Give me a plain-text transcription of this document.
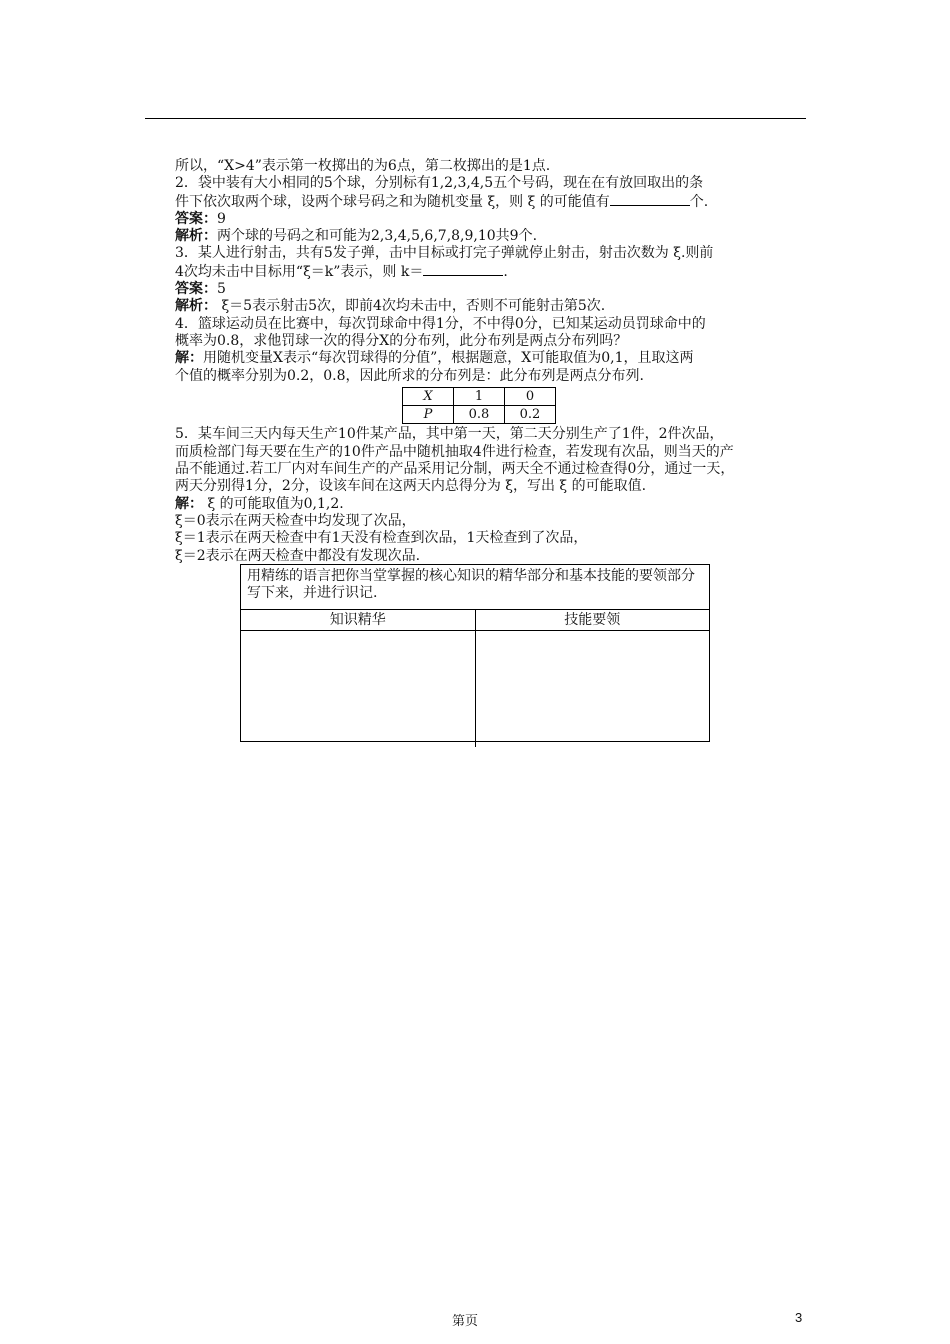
所以，“X>4”表示第一枚掷出的为6点，第二枚掷出的是1点.

2．袋中装有大小相同的5个球，分别标有1,2,3,4,5五个号码，现在在有放回取出的条
件下依次取两个球，设两个球号码之和为随机变量 ξ，则 ξ 的可能值有	个.

答案：9

解析：两个球的号码之和可能为2,3,4,5,6,7,8,9,10共9个.

3．某人进行射击，共有5发子弹，击中目标或打完子弹就停止射击，射击次数为 ξ.则前
4次均未击中目标用“ξ＝k”表示，则 k＝	.

答案：5

解析： ξ＝5表示射击5次，即前4次均未击中，否则不可能射击第5次.

4．篮球运动员在比赛中，每次罚球命中得1分，不中得0分，已知某运动员罚球命中的
概率为0.8，求他罚球一次的得分X的分布列，此分布列是两点分布列吗？

解：用随机变量X表示“每次罚球得的分值”，根据题意，X可能取值为0,1，且取这两
个值的概率分别为0.2，0.8，因此所求的分布列是：此分布列是两点分布列.

X	1	0
P	0.8	0.2

5．某车间三天内每天生产10件某产品，其中第一天，第二天分别生产了1件，2件次品，
而质检部门每天要在生产的10件产品中随机抽取4件进行检查，若发现有次品，则当天的产
品不能通过.若工厂内对车间生产的产品采用记分制，两天全不通过检查得0分，通过一天，
两天分别得1分，2分，设该车间在这两天内总得分为 ξ，写出 ξ 的可能取值.

解： ξ 的可能取值为0,1,2.
ξ＝0表示在两天检查中均发现了次品，
ξ＝1表示在两天检查中有1天没有检查到次品，1天检查到了次品，
ξ＝2表示在两天检查中都没有发现次品.

用精练的语言把你当堂掌握的核心知识的精华部分和基本技能的要领部分写下来，并进行识记.
知识精华	技能要领
第页	3
